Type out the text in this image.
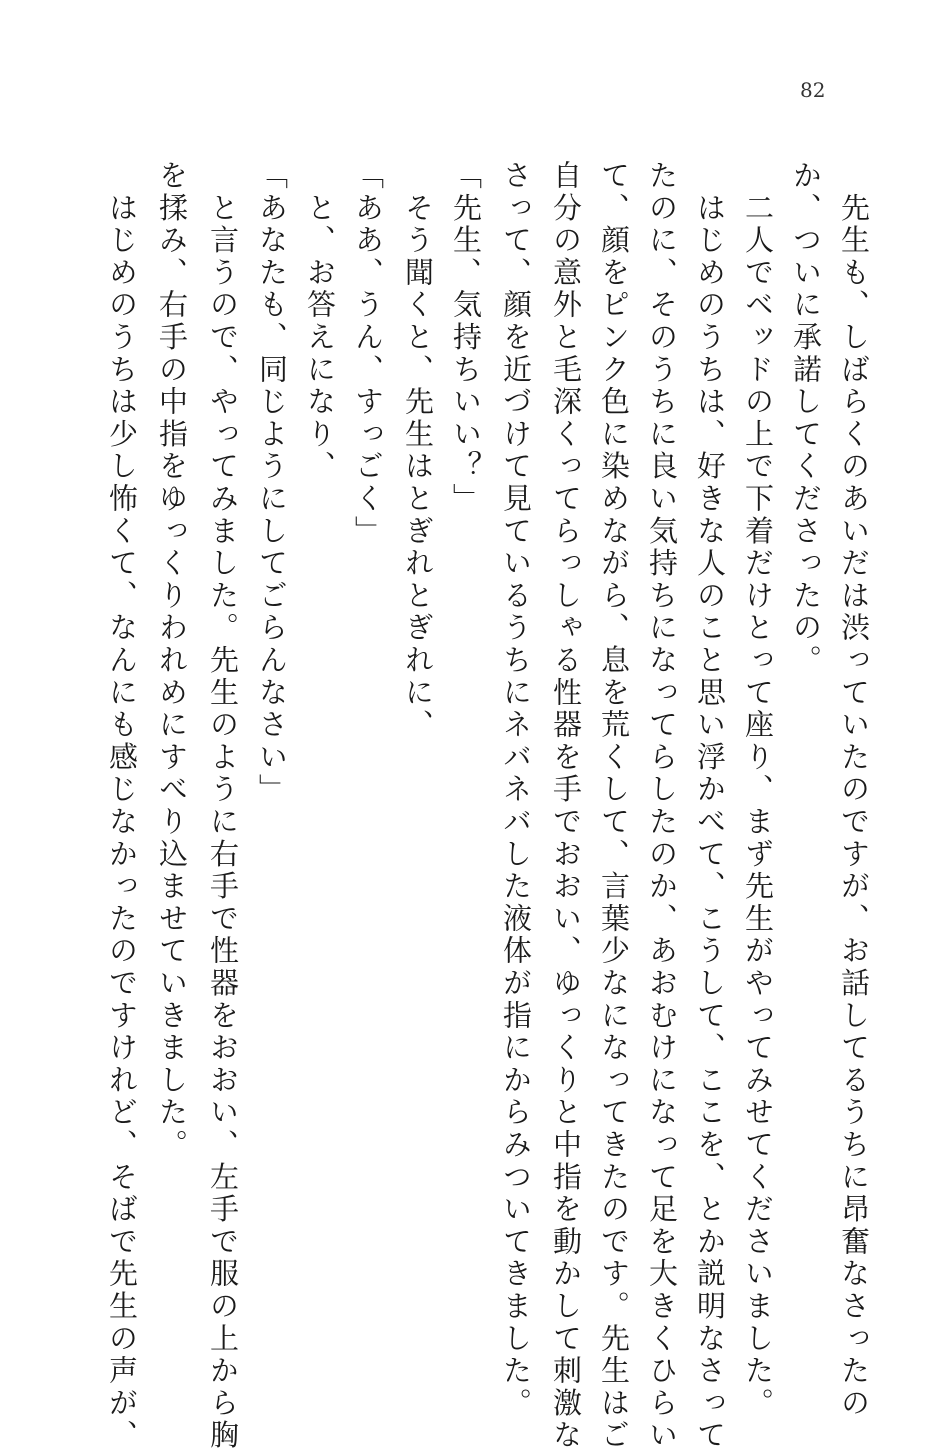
82
　先生も、しばらくのあいだは渋っていたのですが、お話してるうちに昂奮なさったの
か、ついに承諾してくださったの。
　二人でベッドの上で下着だけとって座り、まず先生がやってみせてくださいました。
　はじめのうちは、好きな人のこと思い浮かべて、こうして、ここを、とか説明なさって
たのに、そのうちに良い気持ちになってらしたのか、あおむけになって足を大きくひらい
て、顔をピンク色に染めながら、息を荒くして、言葉少なになってきたのです。先生はご
自分の意外と毛深くってらっしゃる性器を手でおおい、ゆっくりと中指を動かして刺激な
さって、顔を近づけて見ているうちにネバネバした液体が指にからみついてきました。
「先生、気持ちいい？」
　そう聞くと、先生はとぎれとぎれに、
「ああ、うん、すっごく」
　と、お答えになり、
「あなたも、同じようにしてごらんなさい」
　と言うので、やってみました。先生のように右手で性器をおおい、左手で服の上から胸
を揉み、右手の中指をゆっくりわれめにすべり込ませていきました。
　はじめのうちは少し怖くて、なんにも感じなかったのですけれど、そばで先生の声が、
